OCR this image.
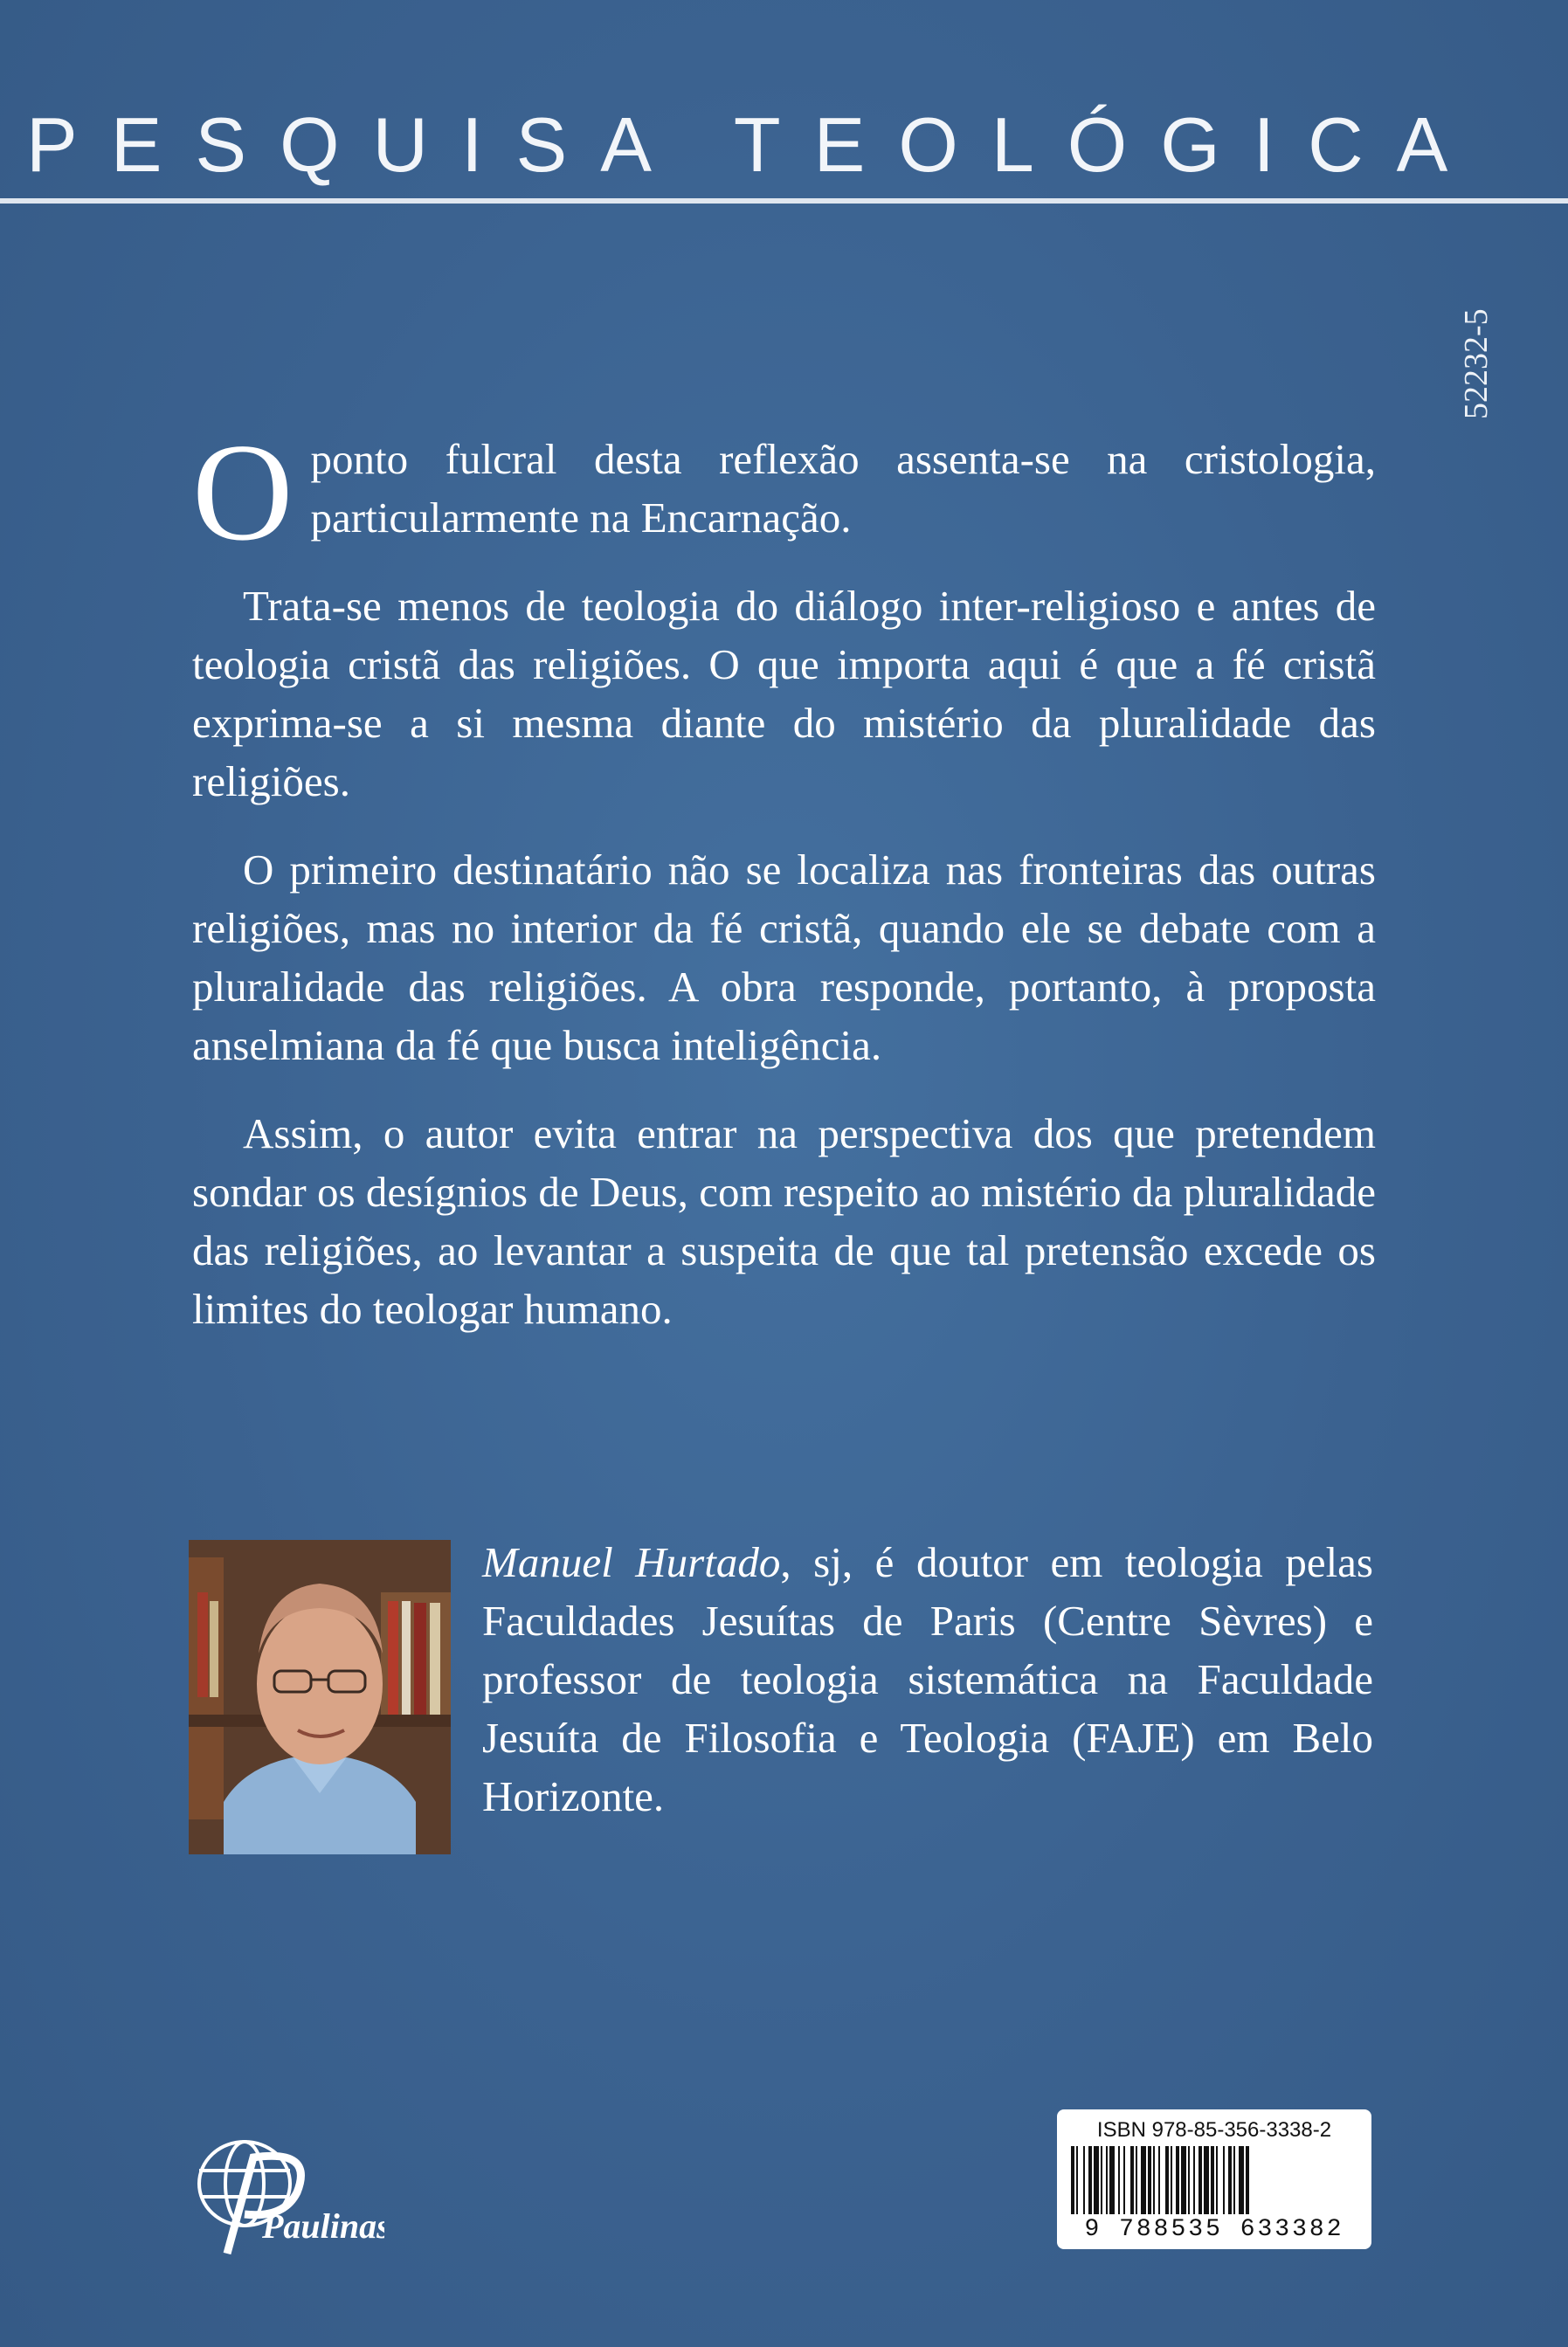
PESQUISA TEOLÓGICA
52232-5

Oponto fulcral desta reflexão assenta-se na cristologia, particularmente na Encarnação.

Trata-se menos de teologia do diálogo inter-religioso e antes de teologia cristã das religiões. O que importa aqui é que a fé cristã exprima-se a si mesma diante do mistério da pluralidade das religiões.

O primeiro destinatário não se localiza nas fronteiras das outras religiões, mas no interior da fé cristã, quando ele se debate com a pluralidade das religiões. A obra responde, portanto, à proposta anselmiana da fé que busca inteligência.

Assim, o autor evita entrar na perspectiva dos que pretendem sondar os desígnios de Deus, com respeito ao mistério da pluralidade das religiões, ao levantar a suspeita de que tal pretensão excede os limites do teologar humano.

Manuel Hurtado, sj, é doutor em teologia pelas Faculdades Jesuítas de Paris (Centre Sèvres) e professor de teologia sistemática na Faculdade Jesuíta de Filosofia e Teologia (FAJE) em Belo Horizonte.
Paulinas
ISBN 978-85-356-3338-2
9 788535 633382
